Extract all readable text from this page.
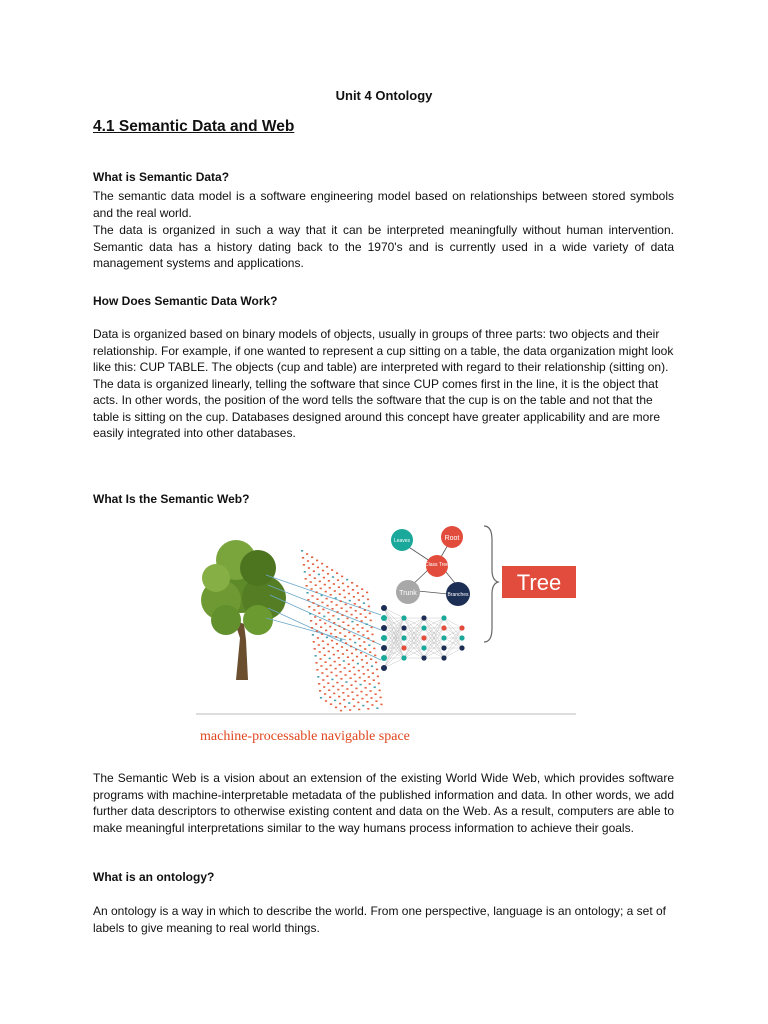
Unit 4 Ontology
4.1 Semantic Data and Web
What is Semantic Data?

The semantic data model is a software engineering model based on relationships between stored symbols and the real world.

The data is organized in such a way that it can be interpreted meaningfully without human intervention. Semantic data has a history dating back to the 1970's and is currently used in a wide variety of data management systems and applications.

How Does Semantic Data Work?

Data is organized based on binary models of objects, usually in groups of three parts: two objects and their relationship. For example, if one wanted to represent a cup sitting on a table, the data organization might look like this: CUP TABLE. The objects (cup and table) are interpreted with regard to their relationship (sitting on). The data is organized linearly, telling the software that since CUP comes first in the line, it is the object that acts. In other words, the position of the word tells the software that the cup is on the table and not that the table is sitting on the cup. Databases designed around this concept have greater applicability and are more easily integrated into other databases.

What Is the Semantic Web?
Leaves	Root
Class Tree
Trunk	Branches Tree
machine-processable navigable space

The Semantic Web is a vision about an extension of the existing World Wide Web, which provides software programs with machine-interpretable metadata of the published information and data. In other words, we add further data descriptors to otherwise existing content and data on the Web. As a result, computers are able to make meaningful interpretations similar to the way humans process information to achieve their goals.

What is an ontology?

An ontology is a way in which to describe the world. From one perspective, language is an ontology; a set of labels to give meaning to real world things.
